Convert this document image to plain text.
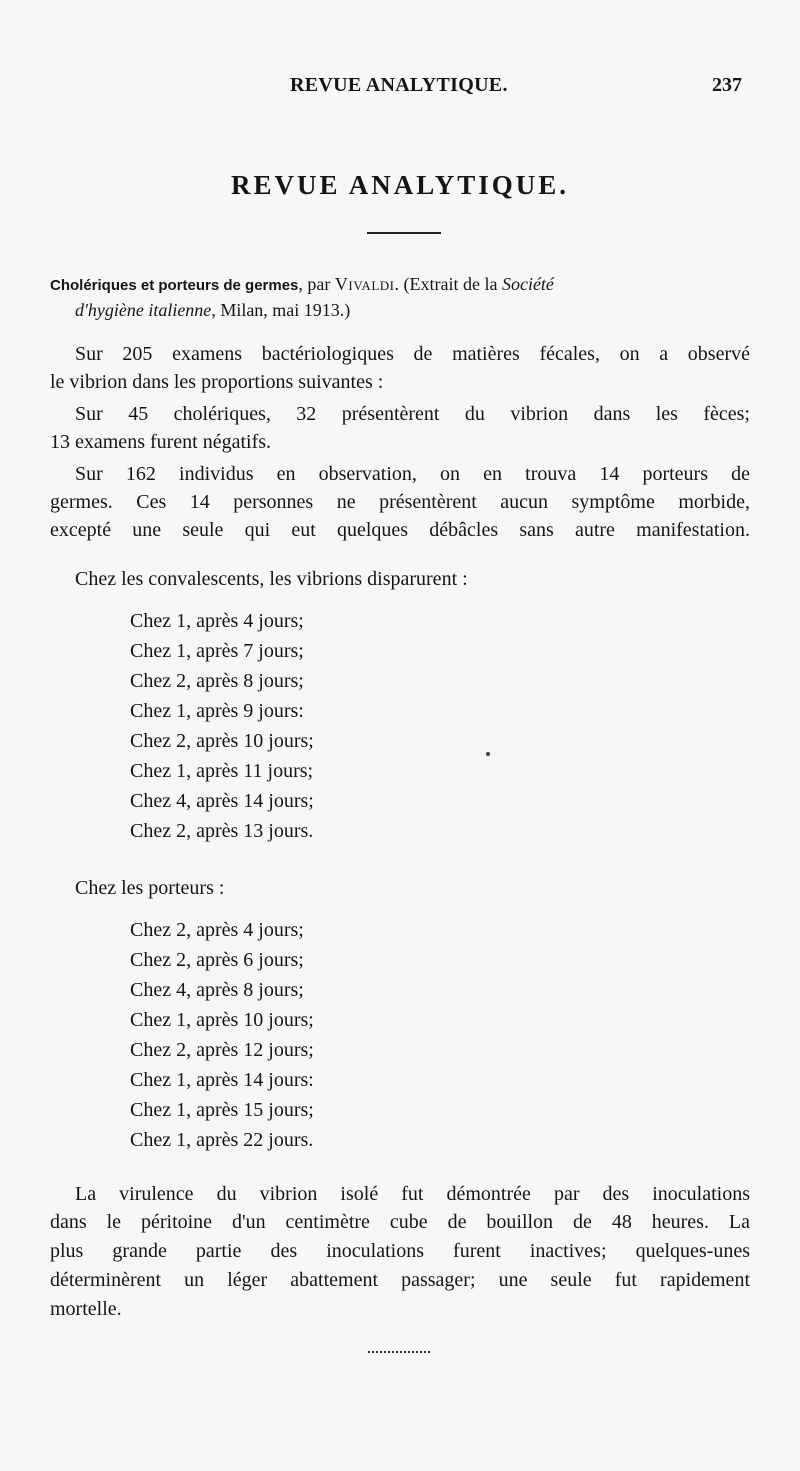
REVUE ANALYTIQUE.	237
REVUE ANALYTIQUE.
Cholériques et porteurs de germes, par Vivaldi. (Extrait de la Société
d'hygiène italienne, Milan, mai 1913.)
Sur 205 examens bactériologiques de matières fécales, on a observé
le vibrion dans les proportions suivantes :
Sur 45 cholériques, 32 présentèrent du vibrion dans les fèces;
13 examens furent négatifs.
Sur 162 individus en observation, on en trouva 14 porteurs de
germes. Ces 14 personnes ne présentèrent aucun symptôme morbide,
excepté une seule qui eut quelques débâcles sans autre manifestation.
Chez les convalescents, les vibrions disparurent :
Chez 1, après 4 jours;
Chez 1, après 7 jours;
Chez 2, après 8 jours;
Chez 1, après 9 jours:
Chez 2, après 10 jours;
Chez 1, après 11 jours;
Chez 4, après 14 jours;
Chez 2, après 13 jours.
Chez les porteurs :
Chez 2, après 4 jours;
Chez 2, après 6 jours;
Chez 4, après 8 jours;
Chez 1, après 10 jours;
Chez 2, après 12 jours;
Chez 1, après 14 jours:
Chez 1, après 15 jours;
Chez 1, après 22 jours.
La virulence du vibrion isolé fut démontrée par des inoculations
dans le péritoine d'un centimètre cube de bouillon de 48 heures. La
plus grande partie des inoculations furent inactives; quelques-unes
déterminèrent un léger abattement passager; une seule fut rapidement
mortelle.
